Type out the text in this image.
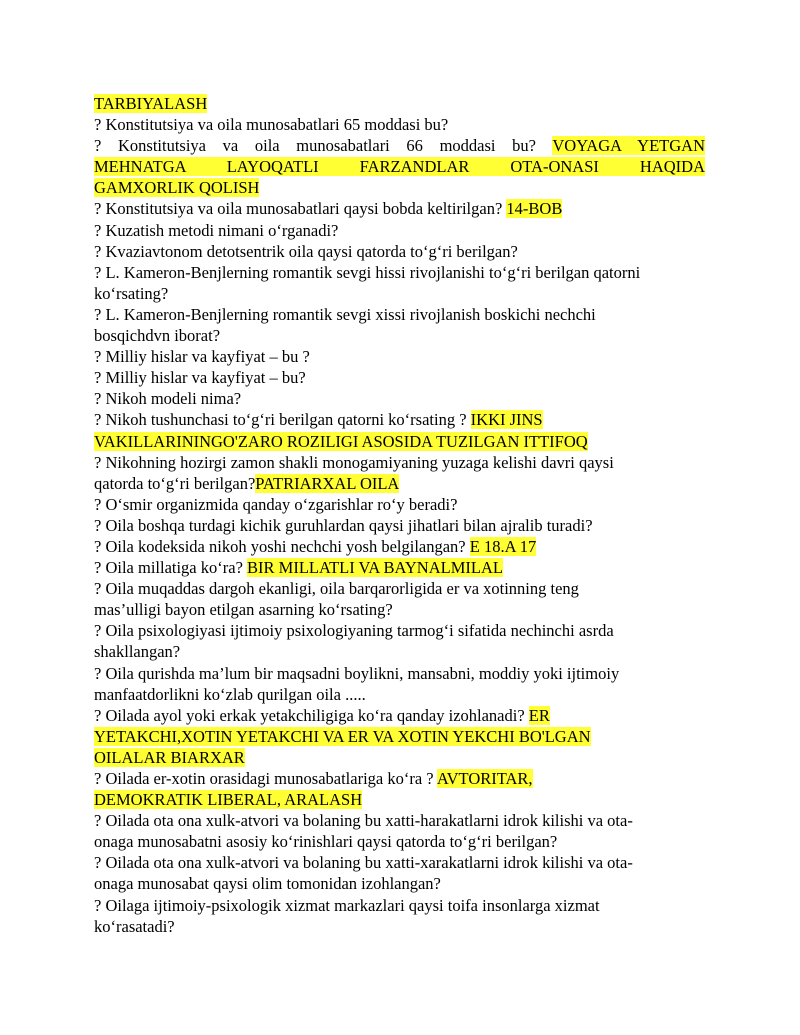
TARBIYALASH
? Konstitutsiya va oila munosabatlari 65 moddasi bu?
? Konstitutsiya va oila munosabatlari 66 moddasi bu? VOYAGA YETGAN
MEHNATGA LAYOQATLI FARZANDLAR OTA-ONASI HAQIDA
GAMXORLIK QOLISH
? Konstitutsiya va oila munosabatlari qaysi bobda keltirilgan? 14-BOB
? Kuzatish metodi nimani o‘rganadi?
? Kvaziavtonom detotsentrik oila qaysi qatorda to‘g‘ri berilgan?
? L. Kameron-Benjlerning romantik sevgi hissi rivojlanishi to‘g‘ri berilgan qatorni
ko‘rsating?
? L. Kameron-Benjlerning romantik sevgi xissi rivojlanish boskichi nechchi
bosqichdvn iborat?
? Milliy hislar va kayfiyat – bu ?
? Milliy hislar va kayfiyat – bu?
? Nikoh modeli nima?
? Nikoh tushunchasi to‘g‘ri berilgan qatorni ko‘rsating ? IKKI JINS
VAKILLARININGO'ZARO ROZILIGI ASOSIDA TUZILGAN ITTIFOQ
? Nikohning hozirgi zamon shakli monogamiyaning yuzaga kelishi davri qaysi
qatorda to‘g‘ri berilgan?PATRIARXAL OILA
? O‘smir organizmida qanday o‘zgarishlar ro‘y beradi?
? Oila boshqa turdagi kichik guruhlardan qaysi jihatlari bilan ajralib turadi?
? Oila kodeksida nikoh yoshi nechchi yosh belgilangan? E 18.A 17
? Oila millatiga ko‘ra? BIR MILLATLI VA BAYNALMILAL
? Oila muqaddas dargoh ekanligi, oila barqarorligida er va xotinning teng
mas’ulligi bayon etilgan asarning ko‘rsating?
? Oila psixologiyasi ijtimoiy psixologiyaning tarmog‘i sifatida nechinchi asrda
shakllangan?
? Oila qurishda ma’lum bir maqsadni boylikni, mansabni, moddiy yoki ijtimoiy
manfaatdorlikni ko‘zlab qurilgan oila .....
? Oilada ayol yoki erkak yetakchiligiga ko‘ra qanday izohlanadi? ER
YETAKCHI,XOTIN YETAKCHI VA ER VA XOTIN YEKCHI BO'LGAN
OILALAR BIARXAR
? Oilada er-xotin orasidagi munosabatlariga ko‘ra ? AVTORITAR,
DEMOKRATIK LIBERAL, ARALASH
? Oilada ota ona xulk-atvori va bolaning bu xatti-harakatlarni idrok kilishi va ota-
onaga munosabatni asosiy ko‘rinishlari qaysi qatorda to‘g‘ri berilgan?
? Oilada ota ona xulk-atvori va bolaning bu xatti-xarakatlarni idrok kilishi va ota-
onaga munosabat qaysi olim tomonidan izohlangan?
? Oilaga ijtimoiy-psixologik xizmat markazlari qaysi toifa insonlarga xizmat
ko‘rasatadi?
